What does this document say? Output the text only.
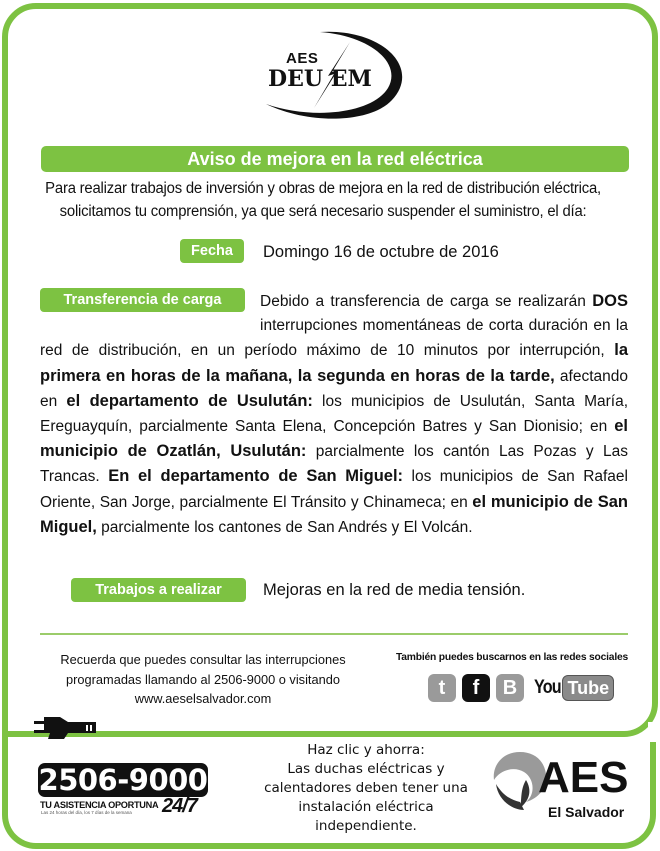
AES
DEU EM
Aviso de mejora en la red eléctrica
Para realizar trabajos de inversión y obras de mejora en la red de distribución eléctrica, solicitamos tu comprensión, ya que será necesario suspender el suministro, el día:
Fecha	Domingo 16 de octubre de 2016
Transferencia de carga	Debido a transferencia de carga se realizarán DOS interrupciones momentáneas de corta duración en la red de distribución, en un período máximo de 10 minutos por interrupción, la primera en horas de la mañana, la segunda en horas de la tarde, afectando en el departamento de Usulután: los municipios de Usulután, Santa María, Ereguayquín, parcialmente Santa Elena, Concepción Batres y San Dionisio; en el municipio de Ozatlán, Usulután: parcialmente los cantón Las Pozas y Las Trancas. En el departamento de San Miguel: los municipios de San Rafael Oriente, San Jorge, parcialmente El Tránsito y Chinameca; en el municipio de San Miguel, parcialmente los cantones de San Andrés y El Volcán.
Trabajos a realizar	Mejoras en la red de media tensión.
Recuerda que puedes consultar las interrupciones
programadas llamando al 2506-9000 o visitando
www.aeselsalvador.com
También puedes buscarnos en las redes sociales
t	f	B You Tube
2506-9000
TU ASISTENCIA OPORTUNA
Las 24 horas del día, los 7 días de la semana 24/7
Haz clic y ahorra:
Las duchas eléctricas y
calentadores deben tener una
instalación eléctrica
independiente.
AES
El Salvador
